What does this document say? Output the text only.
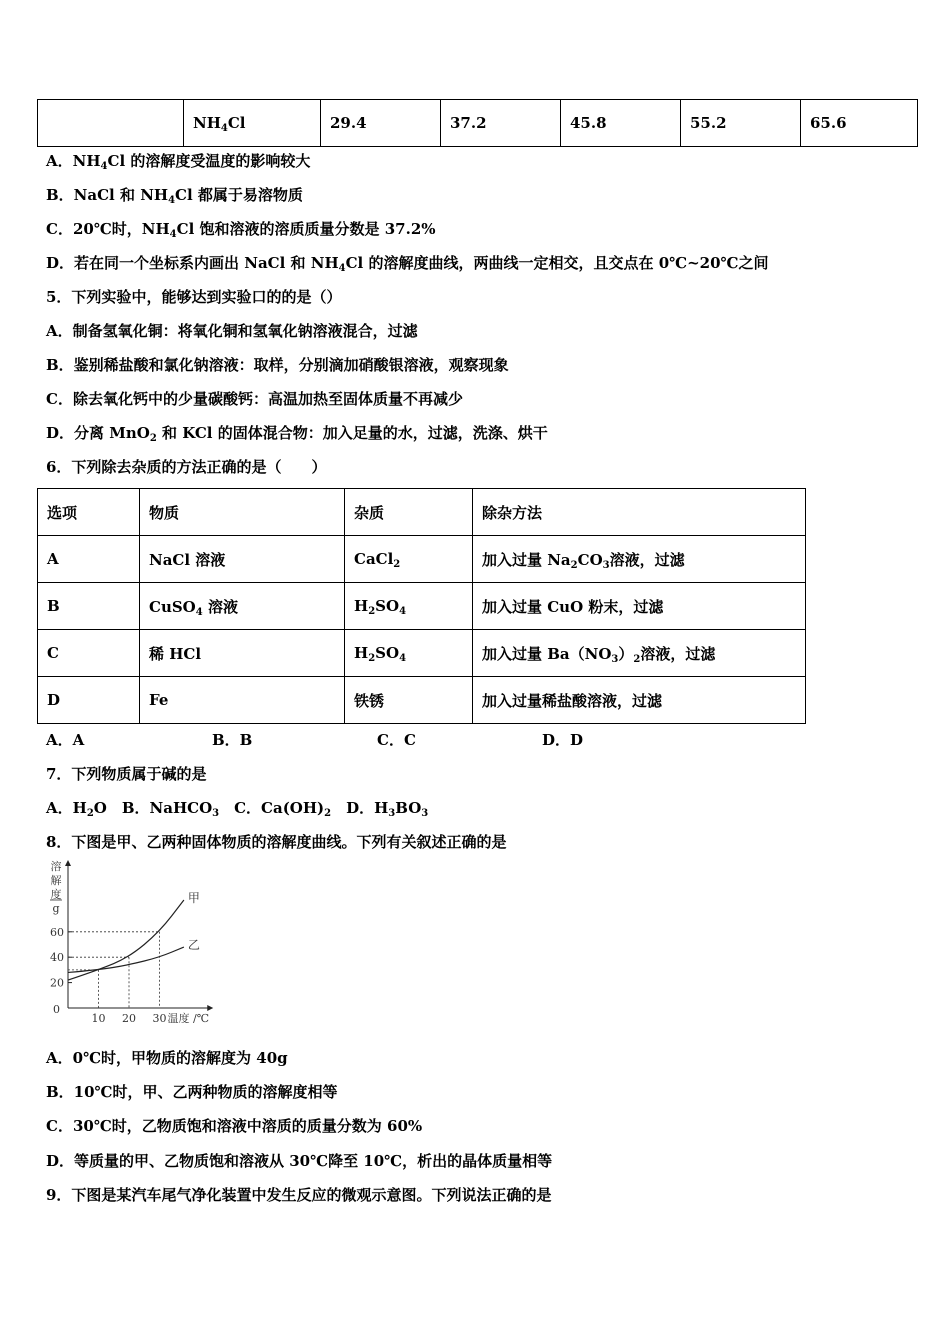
	$NH_4Cl$	29.4	37.2	45.8	55.2	65.6
A．$NH_4Cl$ 的溶解度受温度的影响较大
B．NaCl 和 $NH_4Cl$ 都属于易溶物质
C．20℃时，$NH_4Cl$ 饱和溶液的溶质质量分数是 37.2%
D．若在同一个坐标系内画出 NaCl 和 $NH_4Cl$ 的溶解度曲线，两曲线一定相交，且交点在 0℃~20℃之间
5．下列实验中，能够达到实验口的的是（）
A．制备氢氧化铜：将氧化铜和氢氧化钠溶液混合，过滤
B．鉴别稀盐酸和氯化钠溶液：取样，分别滴加硝酸银溶液，观察现象
C．除去氧化钙中的少量碳酸钙：高温加热至固体质量不再减少
D．分离 MnO$_2$ 和 KCl 的固体混合物：加入足量的水，过滤，洗涤、烘干
6．下列除去杂质的方法正确的是（　　）
选项	物质	杂质	除杂方法
A	NaCl 溶液	CaCl$_2$	加入过量 $Na_2CO_3$溶液，过滤
B	CuSO$_4$ 溶液	$H_2SO_4$	加入过量 CuO 粉末，过滤
C	稀 HCl	$H_2SO_4$	加入过量 $Ba(NO_3)_2$溶液，过滤
D	Fe	铁锈	加入过量稀盐酸溶液，过滤
A．A	B．B	C．C	D．D
7．下列物质属于碱的是
A．$H_2O$　B．NaHCO$_3$　C．$Ca(OH)_2$　D．$H_3BO_3$
8．下图是甲、乙两种固体物质的溶解度曲线。下列有关叙述正确的是
20
40
60
0
10 20 30
溶
解
度
g
温度 /℃
甲
乙
A．0℃时，甲物质的溶解度为 40g
B．10℃时，甲、乙两种物质的溶解度相等
C．30℃时，乙物质饱和溶液中溶质的质量分数为 60%
D．等质量的甲、乙物质饱和溶液从 30℃降至 10℃，析出的晶体质量相等
9．下图是某汽车尾气净化装置中发生反应的微观示意图。下列说法正确的是
